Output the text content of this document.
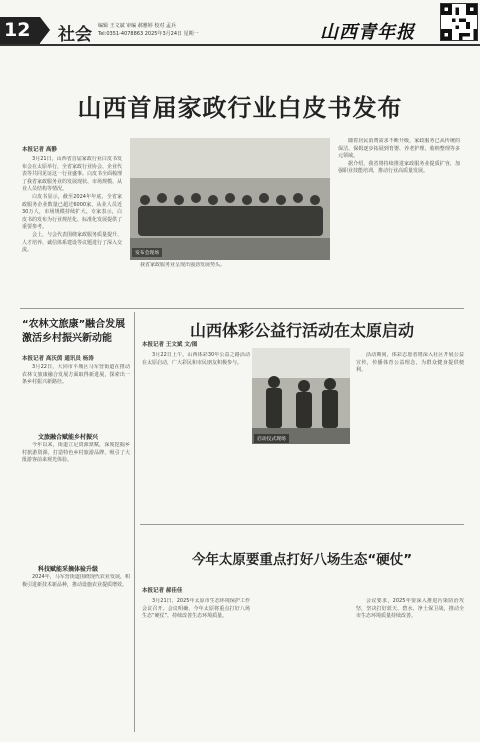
12	社会 编辑 王文斌 审编 郝雅婷 校对 孟兵
Tel:0351-4078863 2025年3月24日 星期一	山西青年报
山西首届家政行业白皮书发布
本报记者 高静

3月21日，山西省首届家政行业白皮书发布会在太原举行，全省家政行业协会、企业代表等共同见证这一行业盛事。白皮书全面梳理了我省家政服务业的发展现状、市场规模、从业人员结构等情况。

白皮书显示，截至2024年年底，全省家政服务企业数量已超过6000家，从业人员近30万人，市场规模持续扩大。专家表示，白皮书的发布为行业规范化、标准化发展提供了重要参考。

会上，与会代表围绕家政服务质量提升、人才培养、诚信体系建设等议题进行了深入交流。

发布会现场

我省家政服务业呈现出强劲发展势头。

随着居民消费需求不断升级，家政服务已从传统的保洁、保姆逐步拓展到育婴、养老护理、收纳整理等多元领域。

据介绍，我省将持续推进家政服务业提质扩容，加强职业技能培训，推动行业高质量发展。

“农林文旅康”融合发展激活乡村振兴新动能
本报记者 高沃茵 通讯员 杨涛

3月22日，大同市平城区马军营街道在推动农林文旅康融合发展方面取得新进展，探索出一条乡村振兴新路径。

文旅融合赋能乡村振兴

今年以来，街道立足资源禀赋，深度挖掘乡村旅游资源，打造特色乡村旅游品牌，吸引了大批游客前来观光体验。

科技赋能采摘体验升级

2024年，马军营街道围绕现代农业发展，积极引进新技术新品种，推动设施农业提质增效。

山西体彩公益行活动在太原启动
本报记者 王文斌 文/图

3月22日上午，山西体彩30年公益之路活动在太原启动，广大彩民和市民朋友积极参与。

启动仪式现场

活动期间，体彩志愿者将深入社区开展公益宣传，传播体育公益理念，为群众健身提供便利。

今年太原要重点打好八场生态“硬仗”
本报记者 郝佳佳

3月21日，2025年太原市生态环境保护工作会议召开。会议明确，今年太原将重点打好八场生态“硬仗”，持续改善生态环境质量。

会议要求，2025年要深入推进污染防治攻坚，坚决打好蓝天、碧水、净土保卫战，推动全市生态环境质量持续改善。
